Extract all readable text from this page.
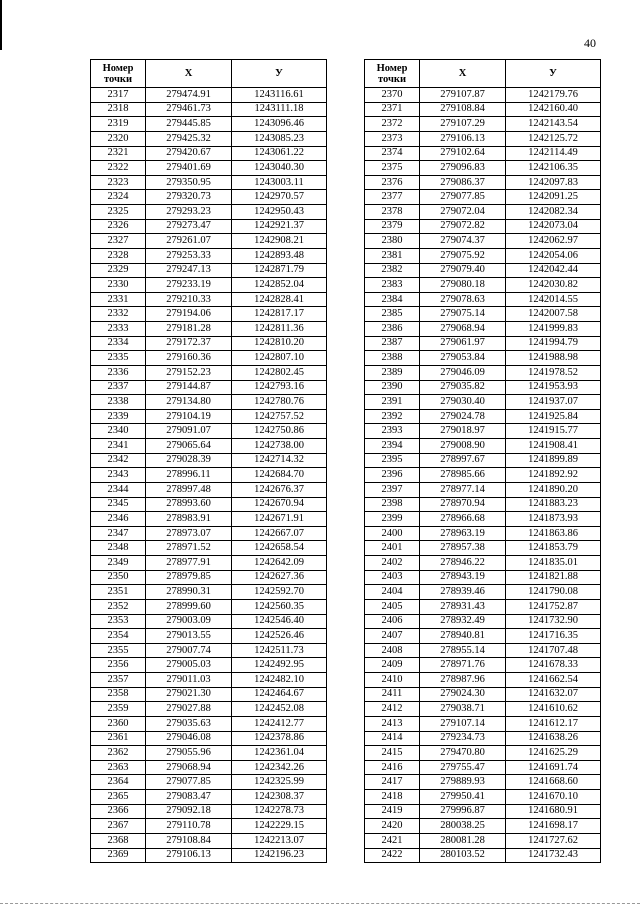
40
Номер
точки	X	У
2317	279474.91	1243116.61
2318	279461.73	1243111.18
2319	279445.85	1243096.46
2320	279425.32	1243085.23
2321	279420.67	1243061.22
2322	279401.69	1243040.30
2323	279350.95	1243003.11
2324	279320.73	1242970.57
2325	279293.23	1242950.43
2326	279273.47	1242921.37
2327	279261.07	1242908.21
2328	279253.33	1242893.48
2329	279247.13	1242871.79
2330	279233.19	1242852.04
2331	279210.33	1242828.41
2332	279194.06	1242817.17
2333	279181.28	1242811.36
2334	279172.37	1242810.20
2335	279160.36	1242807.10
2336	279152.23	1242802.45
2337	279144.87	1242793.16
2338	279134.80	1242780.76
2339	279104.19	1242757.52
2340	279091.07	1242750.86
2341	279065.64	1242738.00
2342	279028.39	1242714.32
2343	278996.11	1242684.70
2344	278997.48	1242676.37
2345	278993.60	1242670.94
2346	278983.91	1242671.91
2347	278973.07	1242667.07
2348	278971.52	1242658.54
2349	278977.91	1242642.09
2350	278979.85	1242627.36
2351	278990.31	1242592.70
2352	278999.60	1242560.35
2353	279003.09	1242546.40
2354	279013.55	1242526.46
2355	279007.74	1242511.73
2356	279005.03	1242492.95
2357	279011.03	1242482.10
2358	279021.30	1242464.67
2359	279027.88	1242452.08
2360	279035.63	1242412.77
2361	279046.08	1242378.86
2362	279055.96	1242361.04
2363	279068.94	1242342.26
2364	279077.85	1242325.99
2365	279083.47	1242308.37
2366	279092.18	1242278.73
2367	279110.78	1242229.15
2368	279108.84	1242213.07
2369	279106.13	1242196.23
Номер
точки	X	У
2370	279107.87	1242179.76
2371	279108.84	1242160.40
2372	279107.29	1242143.54
2373	279106.13	1242125.72
2374	279102.64	1242114.49
2375	279096.83	1242106.35
2376	279086.37	1242097.83
2377	279077.85	1242091.25
2378	279072.04	1242082.34
2379	279072.82	1242073.04
2380	279074.37	1242062.97
2381	279075.92	1242054.06
2382	279079.40	1242042.44
2383	279080.18	1242030.82
2384	279078.63	1242014.55
2385	279075.14	1242007.58
2386	279068.94	1241999.83
2387	279061.97	1241994.79
2388	279053.84	1241988.98
2389	279046.09	1241978.52
2390	279035.82	1241953.93
2391	279030.40	1241937.07
2392	279024.78	1241925.84
2393	279018.97	1241915.77
2394	279008.90	1241908.41
2395	278997.67	1241899.89
2396	278985.66	1241892.92
2397	278977.14	1241890.20
2398	278970.94	1241883.23
2399	278966.68	1241873.93
2400	278963.19	1241863.86
2401	278957.38	1241853.79
2402	278946.22	1241835.01
2403	278943.19	1241821.88
2404	278939.46	1241790.08
2405	278931.43	1241752.87
2406	278932.49	1241732.90
2407	278940.81	1241716.35
2408	278955.14	1241707.48
2409	278971.76	1241678.33
2410	278987.96	1241662.54
2411	279024.30	1241632.07
2412	279038.71	1241610.62
2413	279107.14	1241612.17
2414	279234.73	1241638.26
2415	279470.80	1241625.29
2416	279755.47	1241691.74
2417	279889.93	1241668.60
2418	279950.41	1241670.10
2419	279996.87	1241680.91
2420	280038.25	1241698.17
2421	280081.28	1241727.62
2422	280103.52	1241732.43
